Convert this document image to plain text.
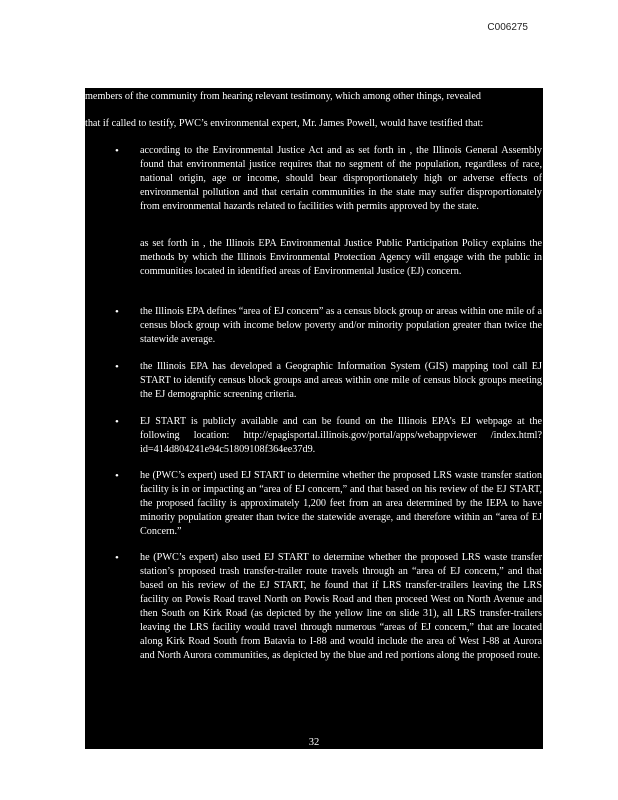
C006275
members of the community from hearing relevant testimony, which among other things, revealed
that if called to testify, PWC’s environmental expert, Mr. James Powell, would have testified that:
• according to the Environmental Justice Act and as set forth in , the Illinois General Assembly found that environmental justice requires that no segment of the population, regardless of race, national origin, age or income, should bear disproportionately high or adverse effects of environmental pollution and that certain communities in the state may suffer disproportionately from environmental hazards related to facilities with permits approved by the state.
as set forth in , the Illinois EPA Environmental Justice Public Participation Policy explains the methods by which the Illinois Environmental Protection Agency will engage with the public in communities located in identified areas of Environmental Justice (EJ) concern.
• the Illinois EPA defines “area of EJ concern” as a census block group or areas within one mile of a census block group with income below poverty and/or minority population greater than twice the statewide average.
• the Illinois EPA has developed a Geographic Information System (GIS) mapping tool call EJ START to identify census block groups and areas within one mile of census block groups meeting the EJ demographic screening criteria.
• EJ START is publicly available and can be found on the Illinois EPA’s EJ webpage at the following location: http://epagisportal.illinois.gov/portal/apps/webappviewer /index.html?id=414d804241e94c51809108f364ee37d9.
• he (PWC’s expert) used EJ START to determine whether the proposed LRS waste transfer station facility is in or impacting an “area of EJ concern,” and that based on his review of the EJ START, the proposed facility is approximately 1,200 feet from an area determined by the IEPA to have minority population greater than twice the statewide average, and therefore within an “area of EJ Concern.”
• he (PWC’s expert) also used EJ START to determine whether the proposed LRS waste transfer station’s proposed trash transfer-trailer route travels through an “area of EJ concern,” and that based on his review of the EJ START, he found that if LRS transfer-trailers leaving the LRS facility on Powis Road travel North on Powis Road and then proceed West on North Avenue and then South on Kirk Road (as depicted by the yellow line on slide 31), all LRS transfer-trailers leaving the LRS facility would travel through numerous “areas of EJ concern,” that are located along Kirk Road South from Batavia to I-88 and would include the area of West I-88 at Aurora and North Aurora communities, as depicted by the blue and red portions along the proposed route.
32
